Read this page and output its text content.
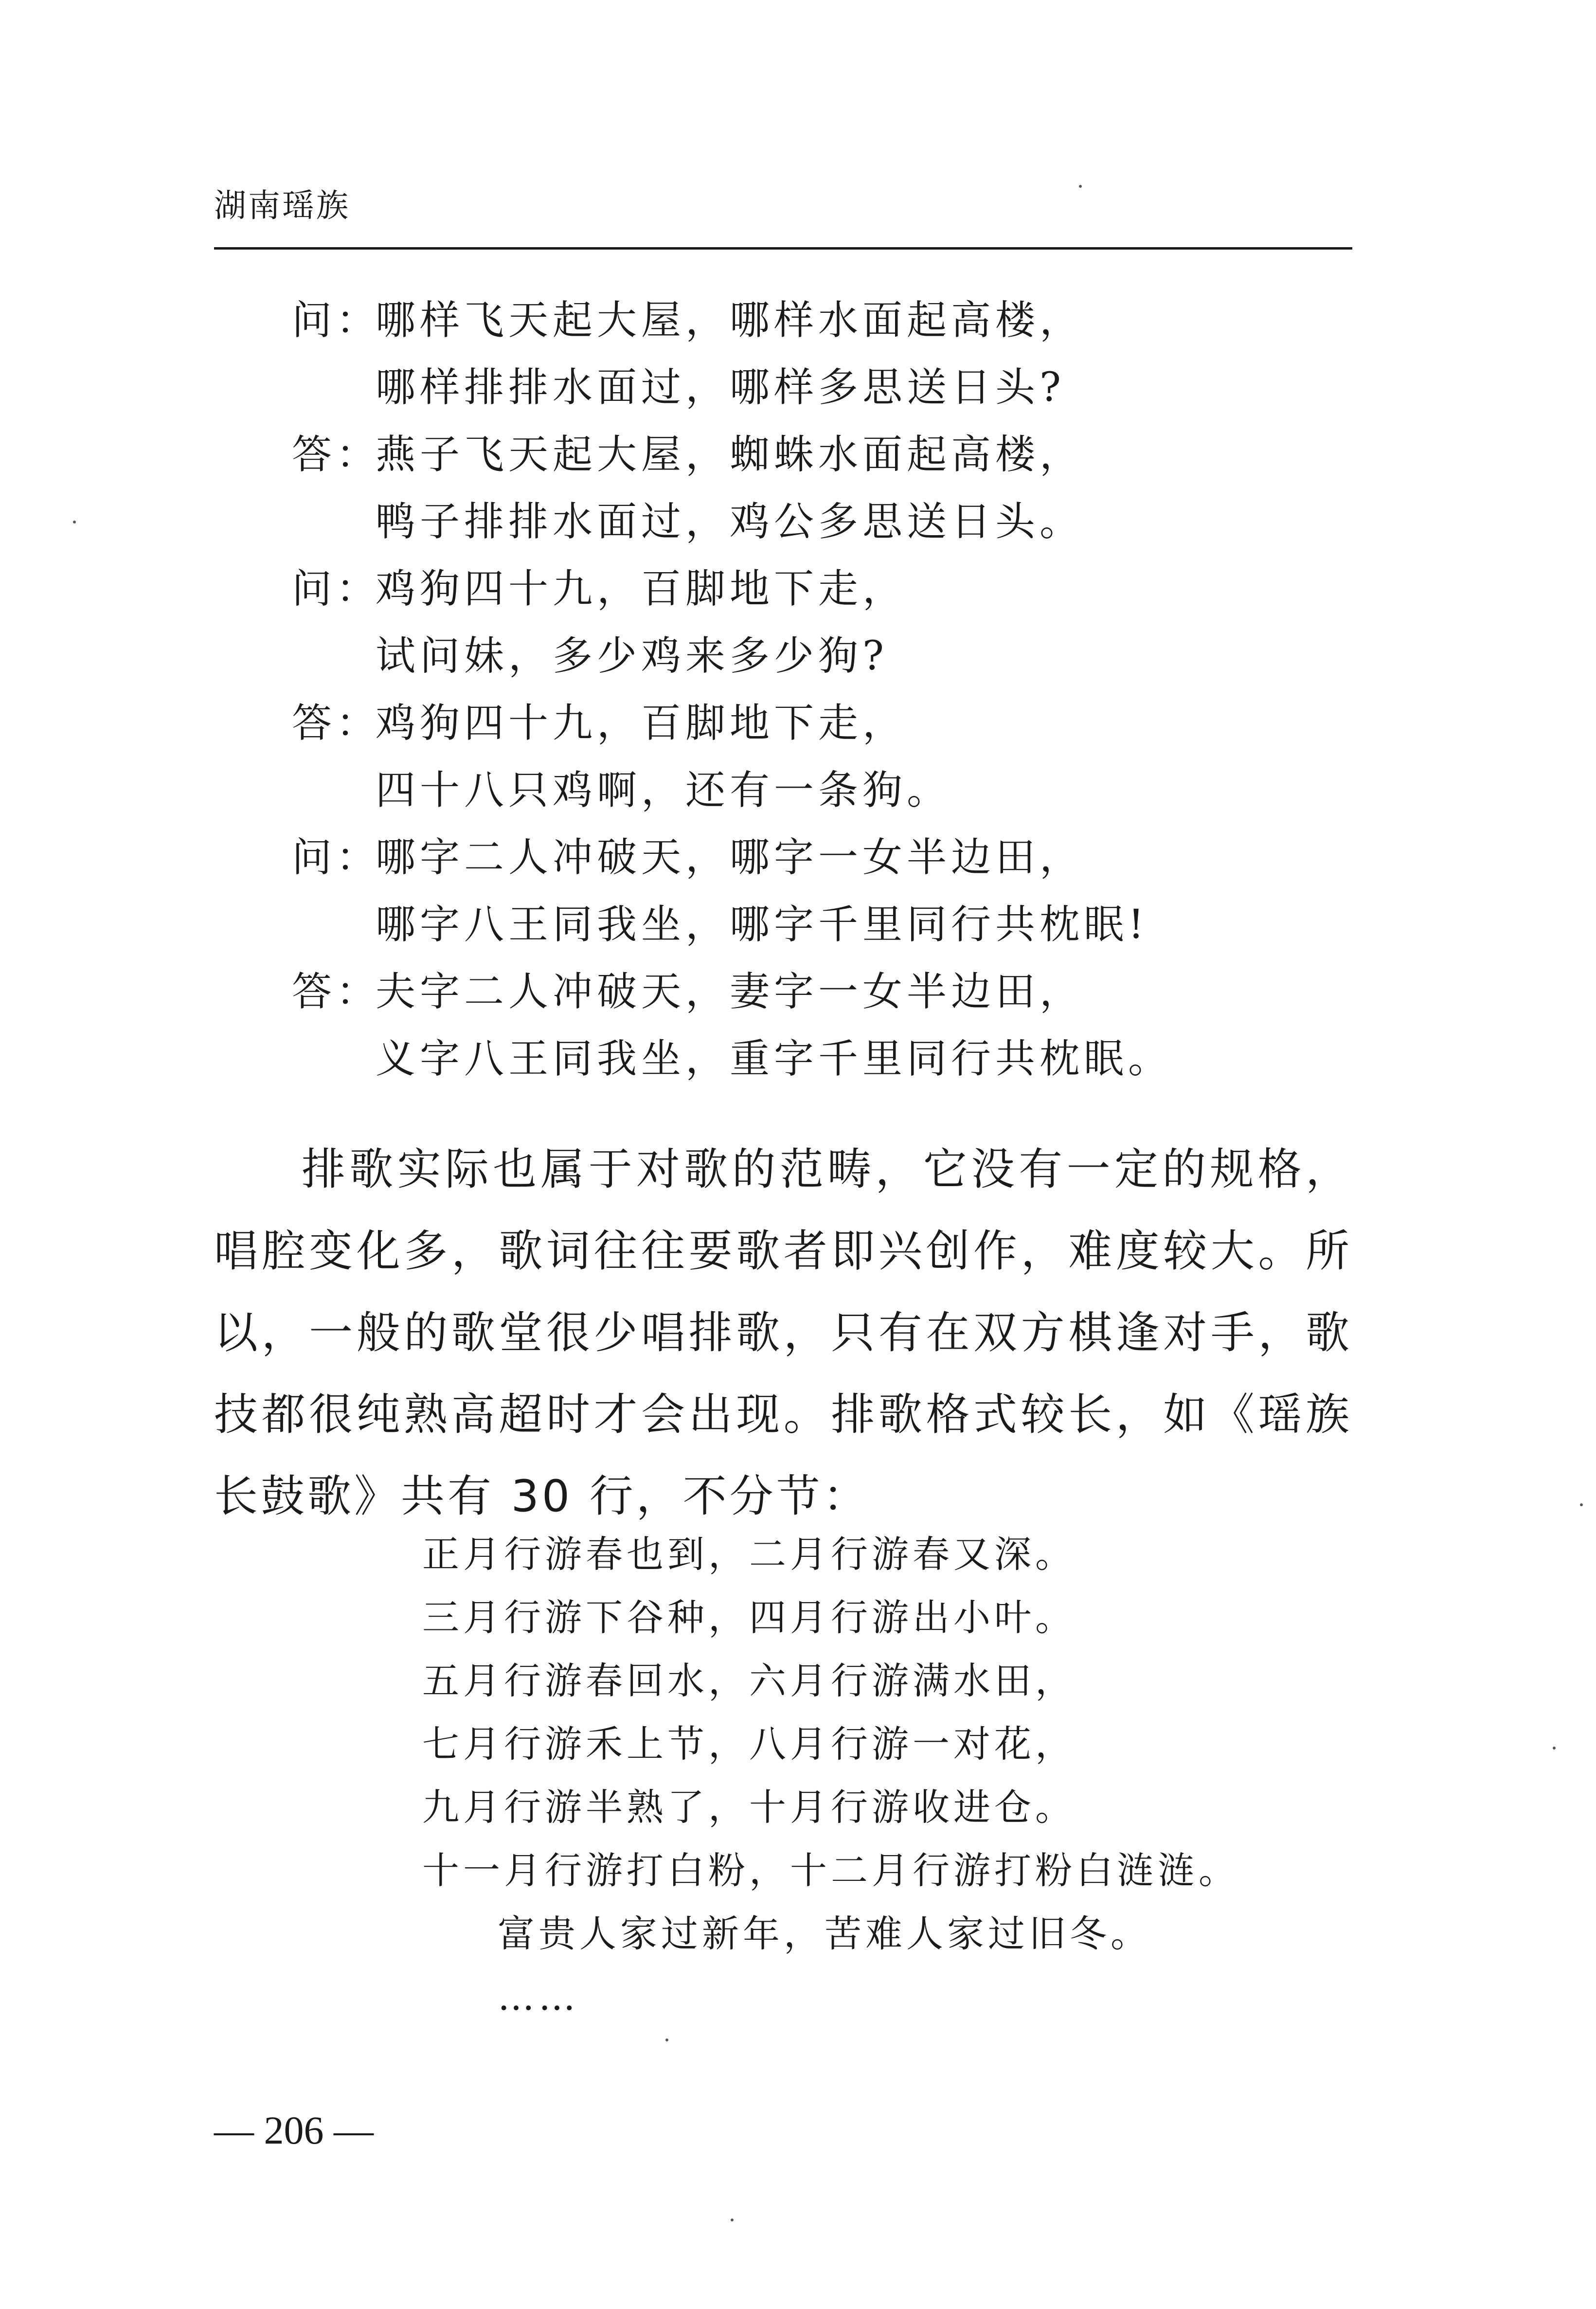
湖南瑶族
问：
哪样飞天起大屋，哪样水面起高楼，
哪样排排水面过，哪样多思送日头?
答：
燕子飞天起大屋，蜘蛛水面起高楼，
鸭子排排水面过，鸡公多思送日头。
问：
鸡狗四十九，百脚地下走，
试问妹，多少鸡来多少狗?
答：
鸡狗四十九，百脚地下走，
四十八只鸡啊，还有一条狗。
问：
哪字二人冲破天，哪字一女半边田，
哪字八王同我坐，哪字千里同行共枕眠!
答：
夫字二人冲破天，妻字一女半边田，
义字八王同我坐，重字千里同行共枕眠。

排歌实际也属于对歌的范畴，它没有一定的规格，唱腔变化多，歌词往往要歌者即兴创作，难度较大。所以，一般的歌堂很少唱排歌，只有在双方棋逢对手，歌技都很纯熟高超时才会出现。排歌格式较长，如《瑶族长鼓歌》共有 30 行，不分节：

正月行游春也到，二月行游春又深。
三月行游下谷种，四月行游出小叶。
五月行游春回水，六月行游满水田，
七月行游禾上节，八月行游一对花，
九月行游半熟了，十月行游收进仓。
十一月行游打白粉，十二月行游打粉白涟涟。
富贵人家过新年，苦难人家过旧冬。
……
— 206 —
